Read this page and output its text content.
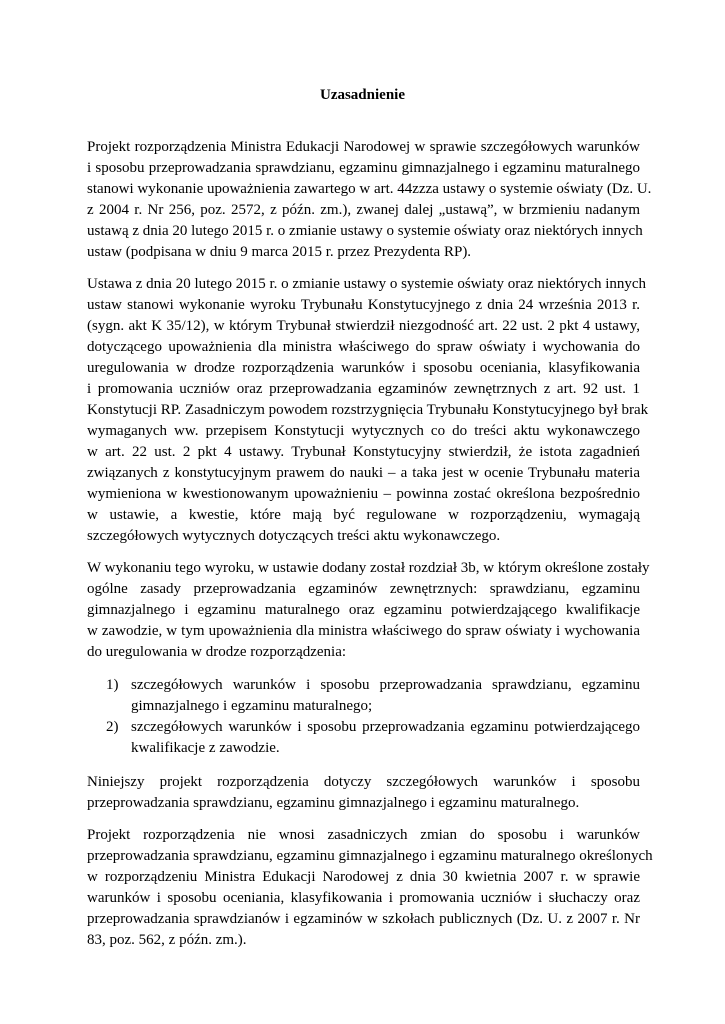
Uzasadnienie
Projekt rozporządzenia Ministra Edukacji Narodowej w sprawie szczegółowych warunków
i sposobu przeprowadzania sprawdzianu, egzaminu gimnazjalnego i egzaminu maturalnego
stanowi wykonanie upoważnienia zawartego w art. 44zzza ustawy o systemie oświaty (Dz. U.
z 2004 r. Nr 256, poz. 2572, z późn. zm.), zwanej dalej „ustawą”, w brzmieniu nadanym
ustawą z dnia 20 lutego 2015 r. o zmianie ustawy o systemie oświaty oraz niektórych innych
ustaw (podpisana w dniu 9 marca 2015 r. przez Prezydenta RP).
Ustawa z dnia 20 lutego 2015 r. o zmianie ustawy o systemie oświaty oraz niektórych innych
ustaw stanowi wykonanie wyroku Trybunału Konstytucyjnego z dnia 24 września 2013 r.
(sygn. akt K 35/12), w którym Trybunał stwierdził niezgodność art. 22 ust. 2 pkt 4 ustawy,
dotyczącego upoważnienia dla ministra właściwego do spraw oświaty i wychowania do
uregulowania w drodze rozporządzenia warunków i sposobu oceniania, klasyfikowania
i promowania uczniów oraz przeprowadzania egzaminów zewnętrznych z art. 92 ust. 1
Konstytucji RP. Zasadniczym powodem rozstrzygnięcia Trybunału Konstytucyjnego był brak
wymaganych ww. przepisem Konstytucji wytycznych co do treści aktu wykonawczego
w art. 22 ust. 2 pkt 4 ustawy. Trybunał Konstytucyjny stwierdził, że istota zagadnień
związanych z konstytucyjnym prawem do nauki – a taka jest w ocenie Trybunału materia
wymieniona w kwestionowanym upoważnieniu – powinna zostać określona bezpośrednio
w ustawie, a kwestie, które mają być regulowane w rozporządzeniu, wymagają
szczegółowych wytycznych dotyczących treści aktu wykonawczego.
W wykonaniu tego wyroku, w ustawie dodany został rozdział 3b, w którym określone zostały
ogólne zasady przeprowadzania egzaminów zewnętrznych: sprawdzianu, egzaminu
gimnazjalnego i egzaminu maturalnego oraz egzaminu potwierdzającego kwalifikacje
w zawodzie, w tym upoważnienia dla ministra właściwego do spraw oświaty i wychowania
do uregulowania w drodze rozporządzenia:
1) szczegółowych warunków i sposobu przeprowadzania sprawdzianu, egzaminu
gimnazjalnego i egzaminu maturalnego;
2) szczegółowych warunków i sposobu przeprowadzania egzaminu potwierdzającego
kwalifikacje z zawodzie.
Niniejszy projekt rozporządzenia dotyczy szczegółowych warunków i sposobu
przeprowadzania sprawdzianu, egzaminu gimnazjalnego i egzaminu maturalnego.
Projekt rozporządzenia nie wnosi zasadniczych zmian do sposobu i warunków
przeprowadzania sprawdzianu, egzaminu gimnazjalnego i egzaminu maturalnego określonych
w rozporządzeniu Ministra Edukacji Narodowej z dnia 30 kwietnia 2007 r. w sprawie
warunków i sposobu oceniania, klasyfikowania i promowania uczniów i słuchaczy oraz
przeprowadzania sprawdzianów i egzaminów w szkołach publicznych (Dz. U. z 2007 r. Nr
83, poz. 562, z późn. zm.).
